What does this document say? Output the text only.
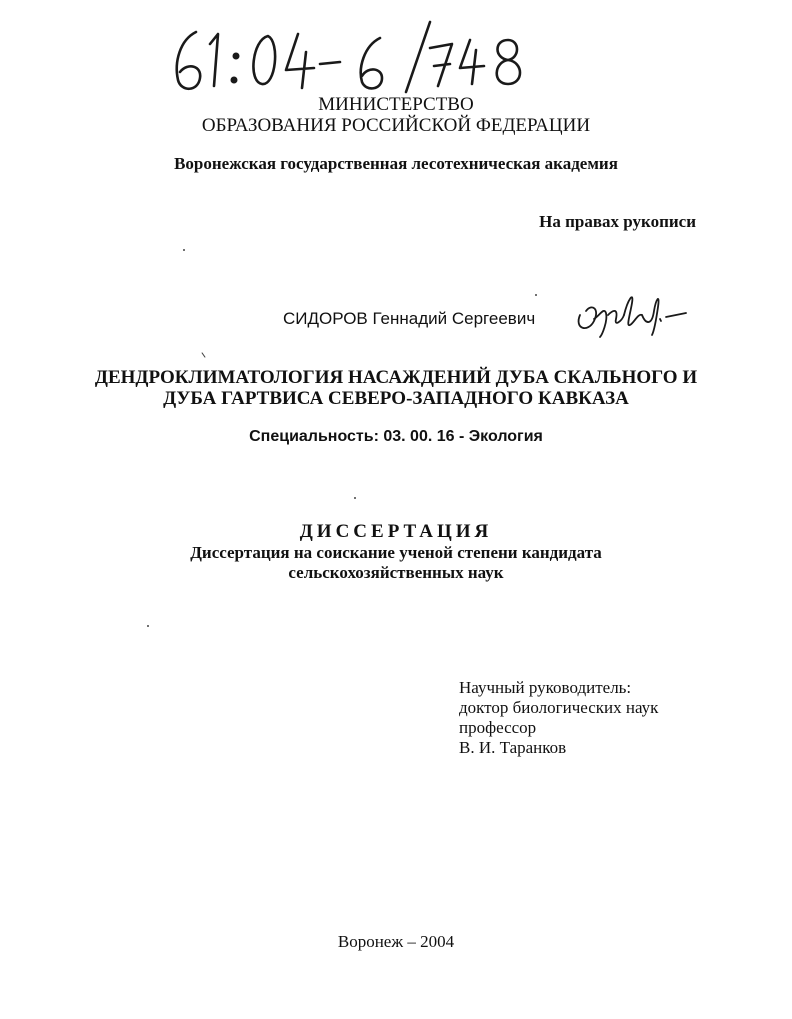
МИНИСТЕРСТВО
ОБРАЗОВАНИЯ РОССИЙСКОЙ ФЕДЕРАЦИИ
Воронежская государственная лесотехническая академия
На правах рукописи
СИДОРОВ Геннадий Сергеевич
ДЕНДРОКЛИМАТОЛОГИЯ НАСАЖДЕНИЙ ДУБА СКАЛЬНОГО И
ДУБА ГАРТВИСА СЕВЕРО-ЗАПАДНОГО КАВКАЗА
Специальность: 03. 00. 16 - Экология
ДИССЕРТАЦИЯ
Диссертация на соискание ученой степени кандидата
сельскохозяйственных наук
Научный руководитель:
доктор биологических наук
профессор
В. И. Таранков
Воронеж – 2004
